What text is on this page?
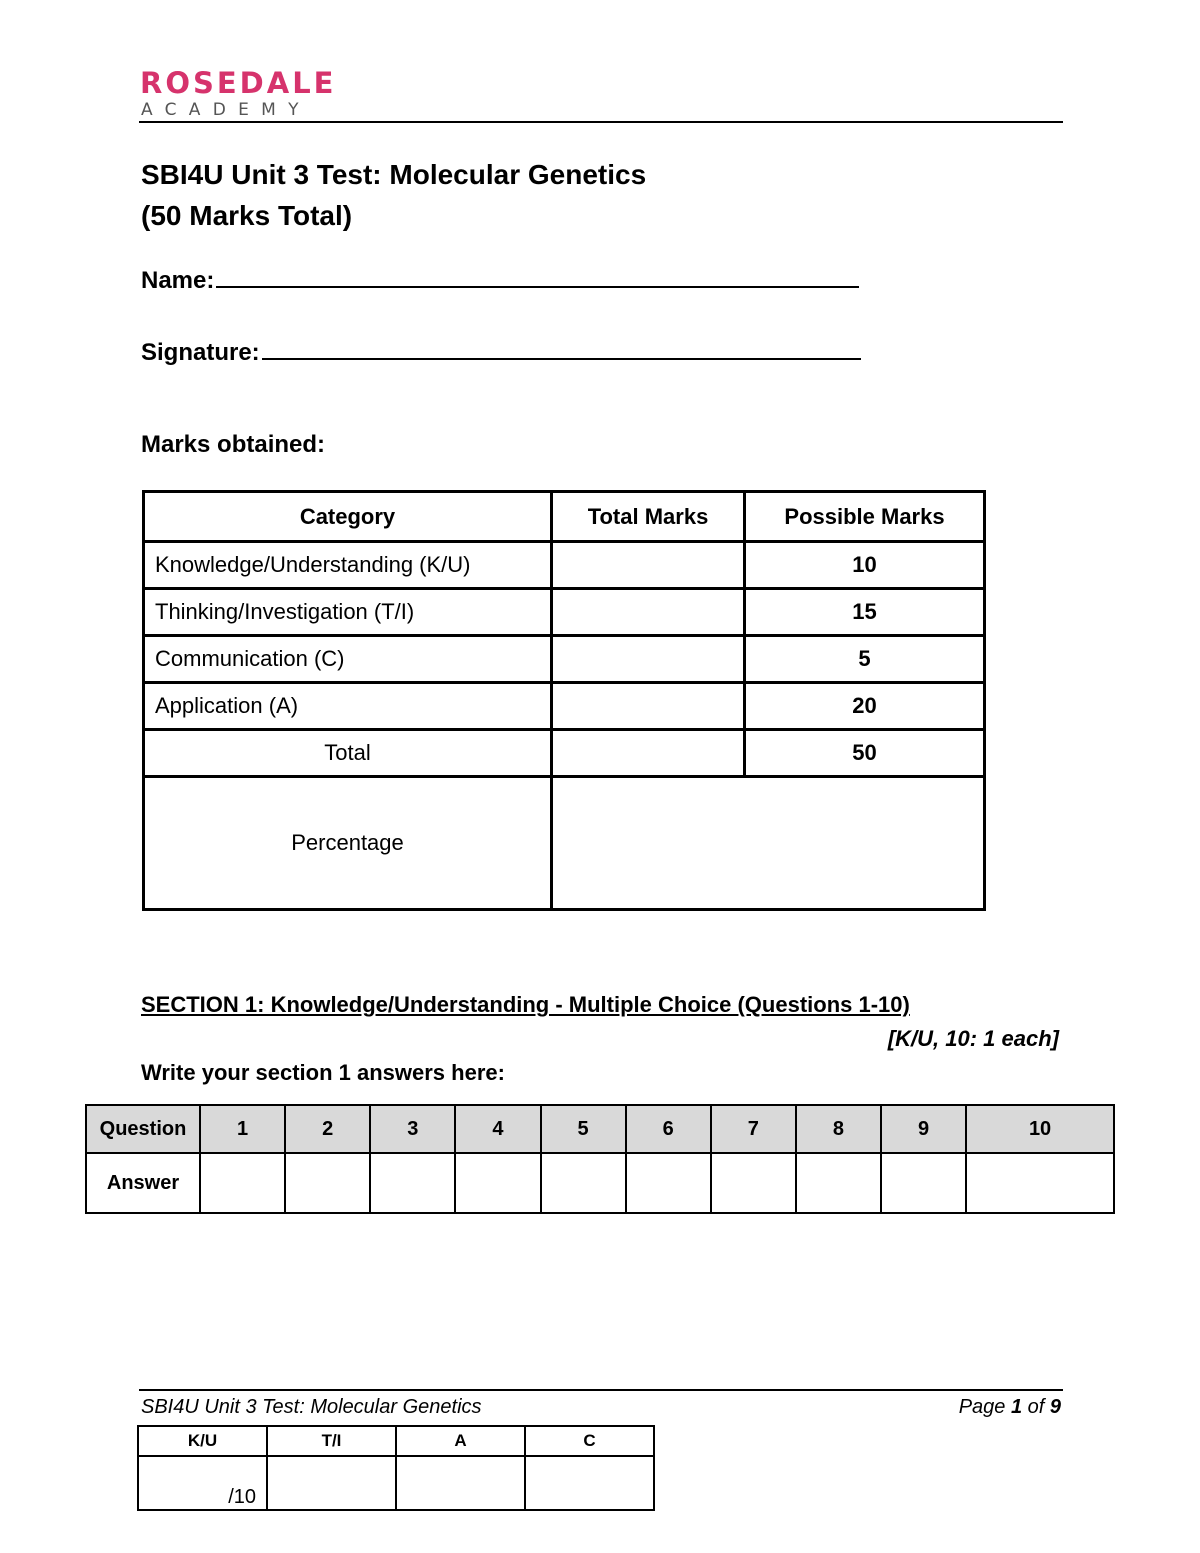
ROSEDALE
ACADEMY
SBI4U Unit 3 Test: Molecular Genetics
(50 Marks Total)
Name:
Signature:
Marks obtained:
Category	Total Marks	Possible Marks
Knowledge/Understanding (K/U)		10
Thinking/Investigation (T/I)		15
Communication (C)		5
Application (A)		20
Total		50
Percentage		
SECTION 1: Knowledge/Understanding - Multiple Choice (Questions 1-10)
[K/U, 10: 1 each]
Write your section 1 answers here:
Question	1	2	3	4	5	6	7	8	9	10
Answer										
SBI4U Unit 3 Test: Molecular Genetics	Page 1 of 9
K/U	T/I	A	C
/10			
